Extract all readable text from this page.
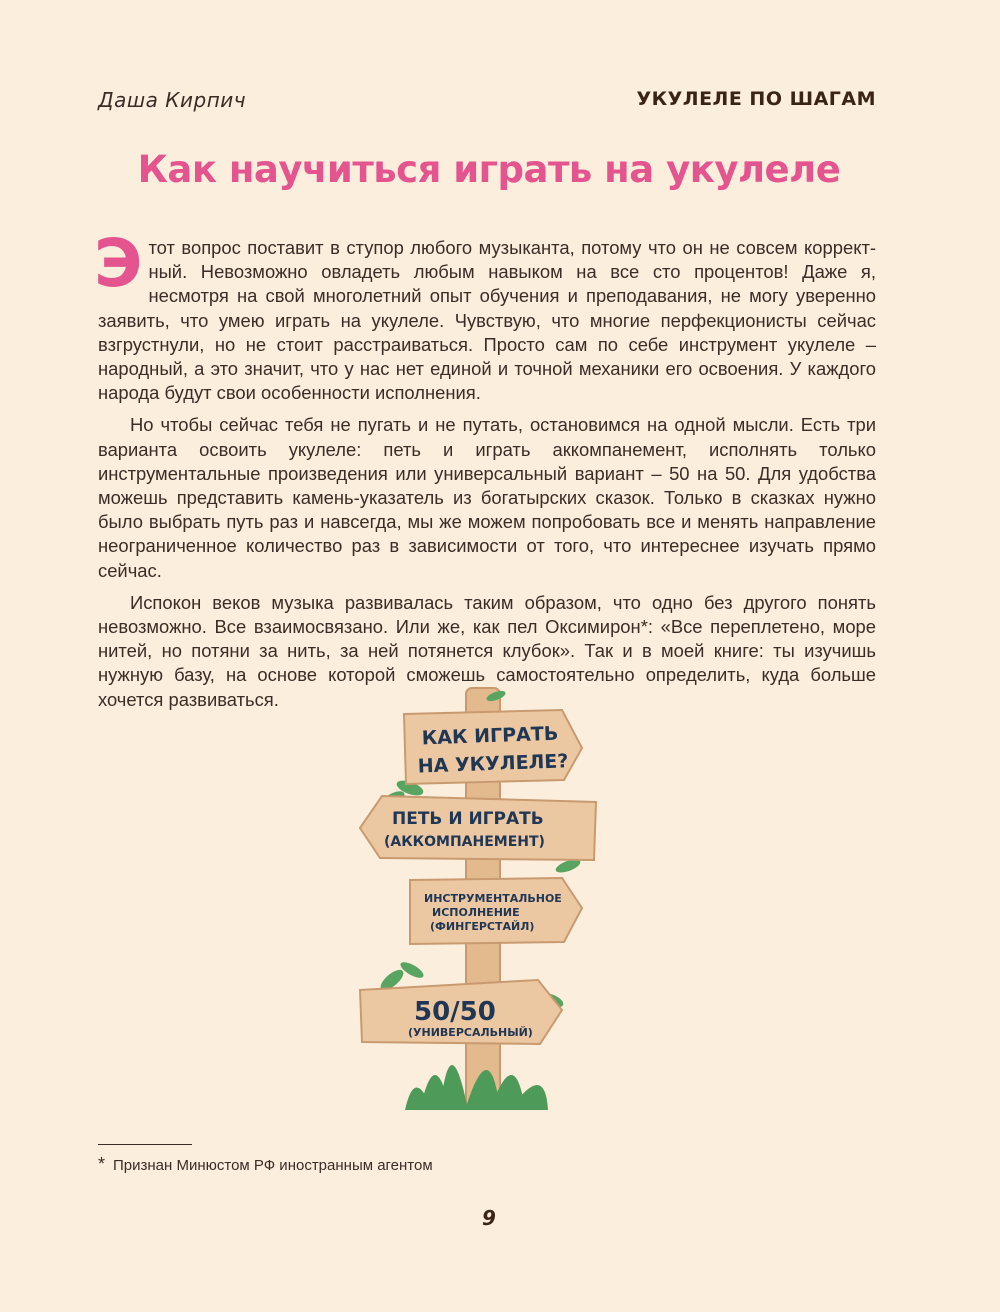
Даша Кирпич	УКУЛЕЛЕ ПО ШАГАМ
Как научиться играть на укулеле

Этот вопрос поставит в ступор любого музыканта, потому что он не совсем корректный. Невозможно овладеть любым навыком на все сто процентов! Даже я, несмотря на свой многолетний опыт обучения и преподавания, не могу уверенно заявить, что умею играть на укулеле. Чувствую, что многие перфекционисты сейчас взгрустнули, но не стоит расстраиваться. Просто сам по себе инструмент укулеле – народный, а это значит, что у нас нет единой и точной механики его освоения. У каждого народа будут свои особенности исполнения.

Но чтобы сейчас тебя не пугать и не путать, остановимся на одной мысли. Есть три варианта освоить укулеле: петь и играть аккомпанемент, исполнять только инструментальные произведения или универсальный вариант – 50 на 50. Для удобства можешь представить камень-указатель из богатырских сказок. Только в сказках нужно было выбрать путь раз и навсегда, мы же можем попробовать все и менять направление неограниченное количество раз в зависимости от того, что интереснее изучать прямо сейчас.

Испокон веков музыка развивалась таким образом, что одно без другого понять невозможно. Все взаимосвязано. Или же, как пел Оксимирон*: «Все переплетено, море нитей, но потяни за нить, за ней потянется клубок». Так и в моей книге: ты изучишь нужную базу, на основе которой сможешь самостоятельно определить, куда больше хочется развиваться.

КАК ИГРАТЬ
НА УКУЛЕЛЕ?
ПЕТЬ И ИГРАТЬ
(АККОМПАНЕМЕНТ)
ИНСТРУМЕНТАЛЬНОЕ
ИСПОЛНЕНИЕ
(ФИНГЕРСТАЙЛ)
50/50
(УНИВЕРСАЛЬНЫЙ)
* Признан Минюстом РФ иностранным агентом
9
